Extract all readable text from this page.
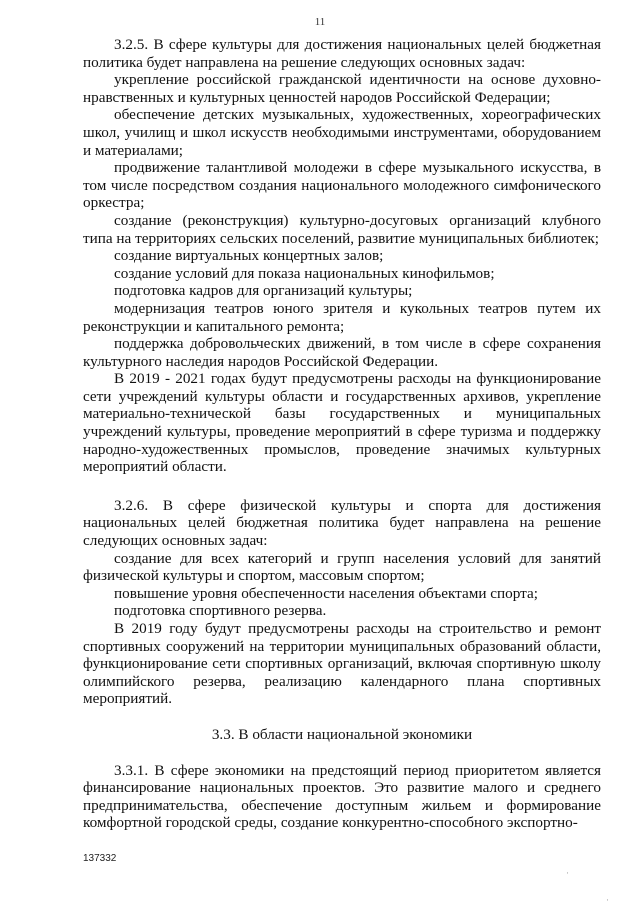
11

3.2.5. В сфере культуры для достижения национальных целей бюджетная политика будет направлена на решение следующих основных задач:

укрепление российской гражданской идентичности на основе духовно-нравственных и культурных ценностей народов Российской Федерации;

обеспечение детских музыкальных, художественных, хореографических школ, училищ и школ искусств необходимыми инструментами, оборудованием и материалами;

продвижение талантливой молодежи в сфере музыкального искусства, в том числе посредством создания национального молодежного симфонического оркестра;

создание (реконструкция) культурно-досуговых организаций клубного типа на территориях сельских поселений, развитие муниципальных библиотек;

создание виртуальных концертных залов;

создание условий для показа национальных кинофильмов;

подготовка кадров для организаций культуры;

модернизация театров юного зрителя и кукольных театров путем их реконструкции и капитального ремонта;

поддержка добровольческих движений, в том числе в сфере сохранения культурного наследия народов Российской Федерации.

В 2019 - 2021 годах будут предусмотрены расходы на функционирование сети учреждений культуры области и государственных архивов, укрепление материально-технической базы государственных и муниципальных учреждений культуры, проведение мероприятий в сфере туризма и поддержку народно-художественных промыслов, проведение значимых культурных мероприятий области.

3.2.6. В сфере физической культуры и спорта для достижения национальных целей бюджетная политика будет направлена на решение следующих основных задач:

создание для всех категорий и групп населения условий для занятий физической культуры и спортом, массовым спортом;

повышение уровня обеспеченности населения объектами спорта;

подготовка спортивного резерва.

В 2019 году будут предусмотрены расходы на строительство и ремонт спортивных сооружений на территории муниципальных образований области, функционирование сети спортивных организаций, включая спортивную школу олимпийского резерва, реализацию календарного плана спортивных мероприятий.

3.3. В области национальной экономики

3.3.1. В сфере экономики на предстоящий период приоритетом является финансирование национальных проектов. Это развитие малого и среднего предпринимательства, обеспечение доступным жильем и формирование комфортной городской среды, создание конкурентно-способного экспортно-

137332
·
·
